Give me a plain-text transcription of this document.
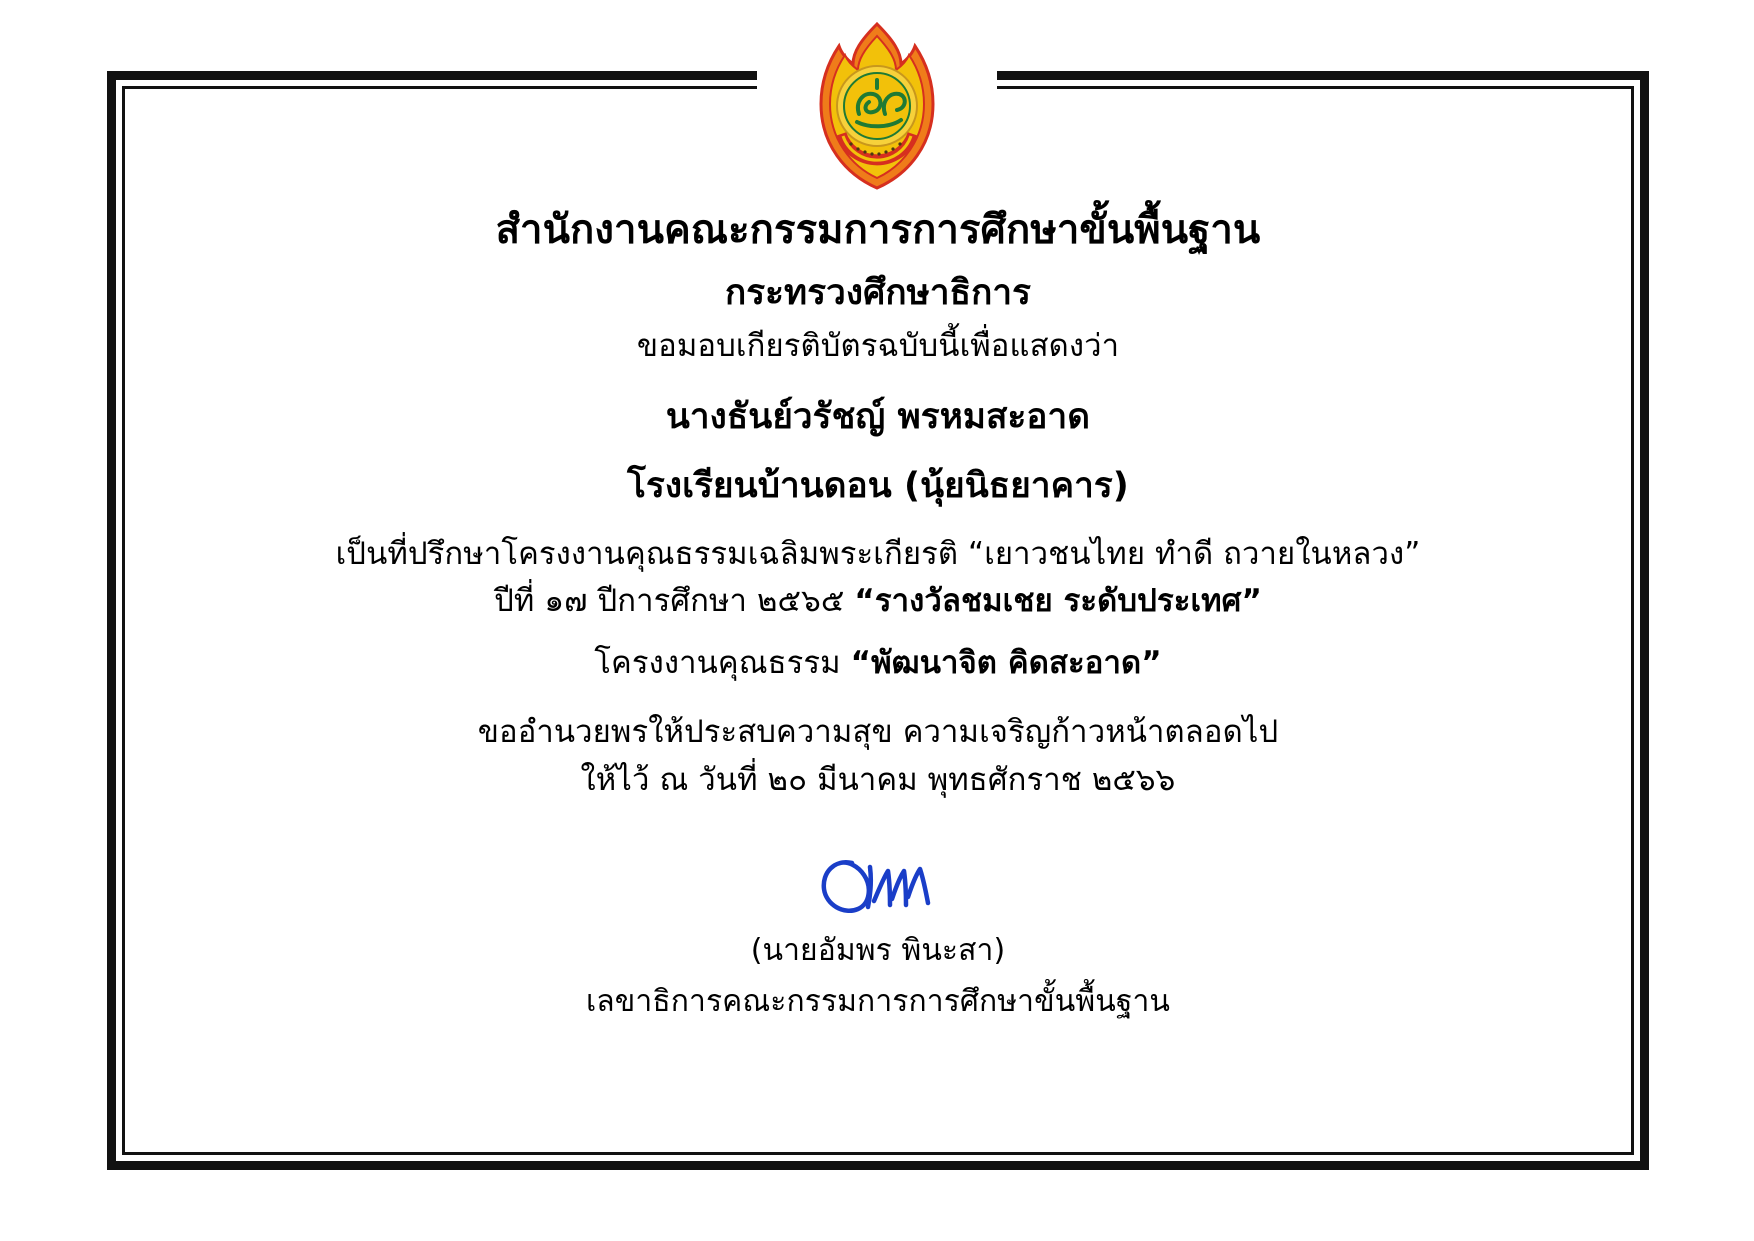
สำนักงานคณะกรรมการการศึกษาขั้นพื้นฐาน
กระทรวงศึกษาธิการ
ขอมอบเกียรติบัตรฉบับนี้เพื่อแสดงว่า
นางธันย์วรัชญ์ พรหมสะอาด
โรงเรียนบ้านดอน (นุ้ยนิธยาคาร)
เป็นที่ปรึกษาโครงงานคุณธรรมเฉลิมพระเกียรติ “เยาวชนไทย ทำดี ถวายในหลวง”
ปีที่ ๑๗ ปีการศึกษา ๒๕๖๕ “รางวัลชมเชย ระดับประเทศ”
โครงงานคุณธรรม “พัฒนาจิต คิดสะอาด”
ขออำนวยพรให้ประสบความสุข ความเจริญก้าวหน้าตลอดไป
ให้ไว้ ณ วันที่ ๒๐ มีนาคม พุทธศักราช ๒๕๖๖
(นายอัมพร พินะสา)
เลขาธิการคณะกรรมการการศึกษาขั้นพื้นฐาน
